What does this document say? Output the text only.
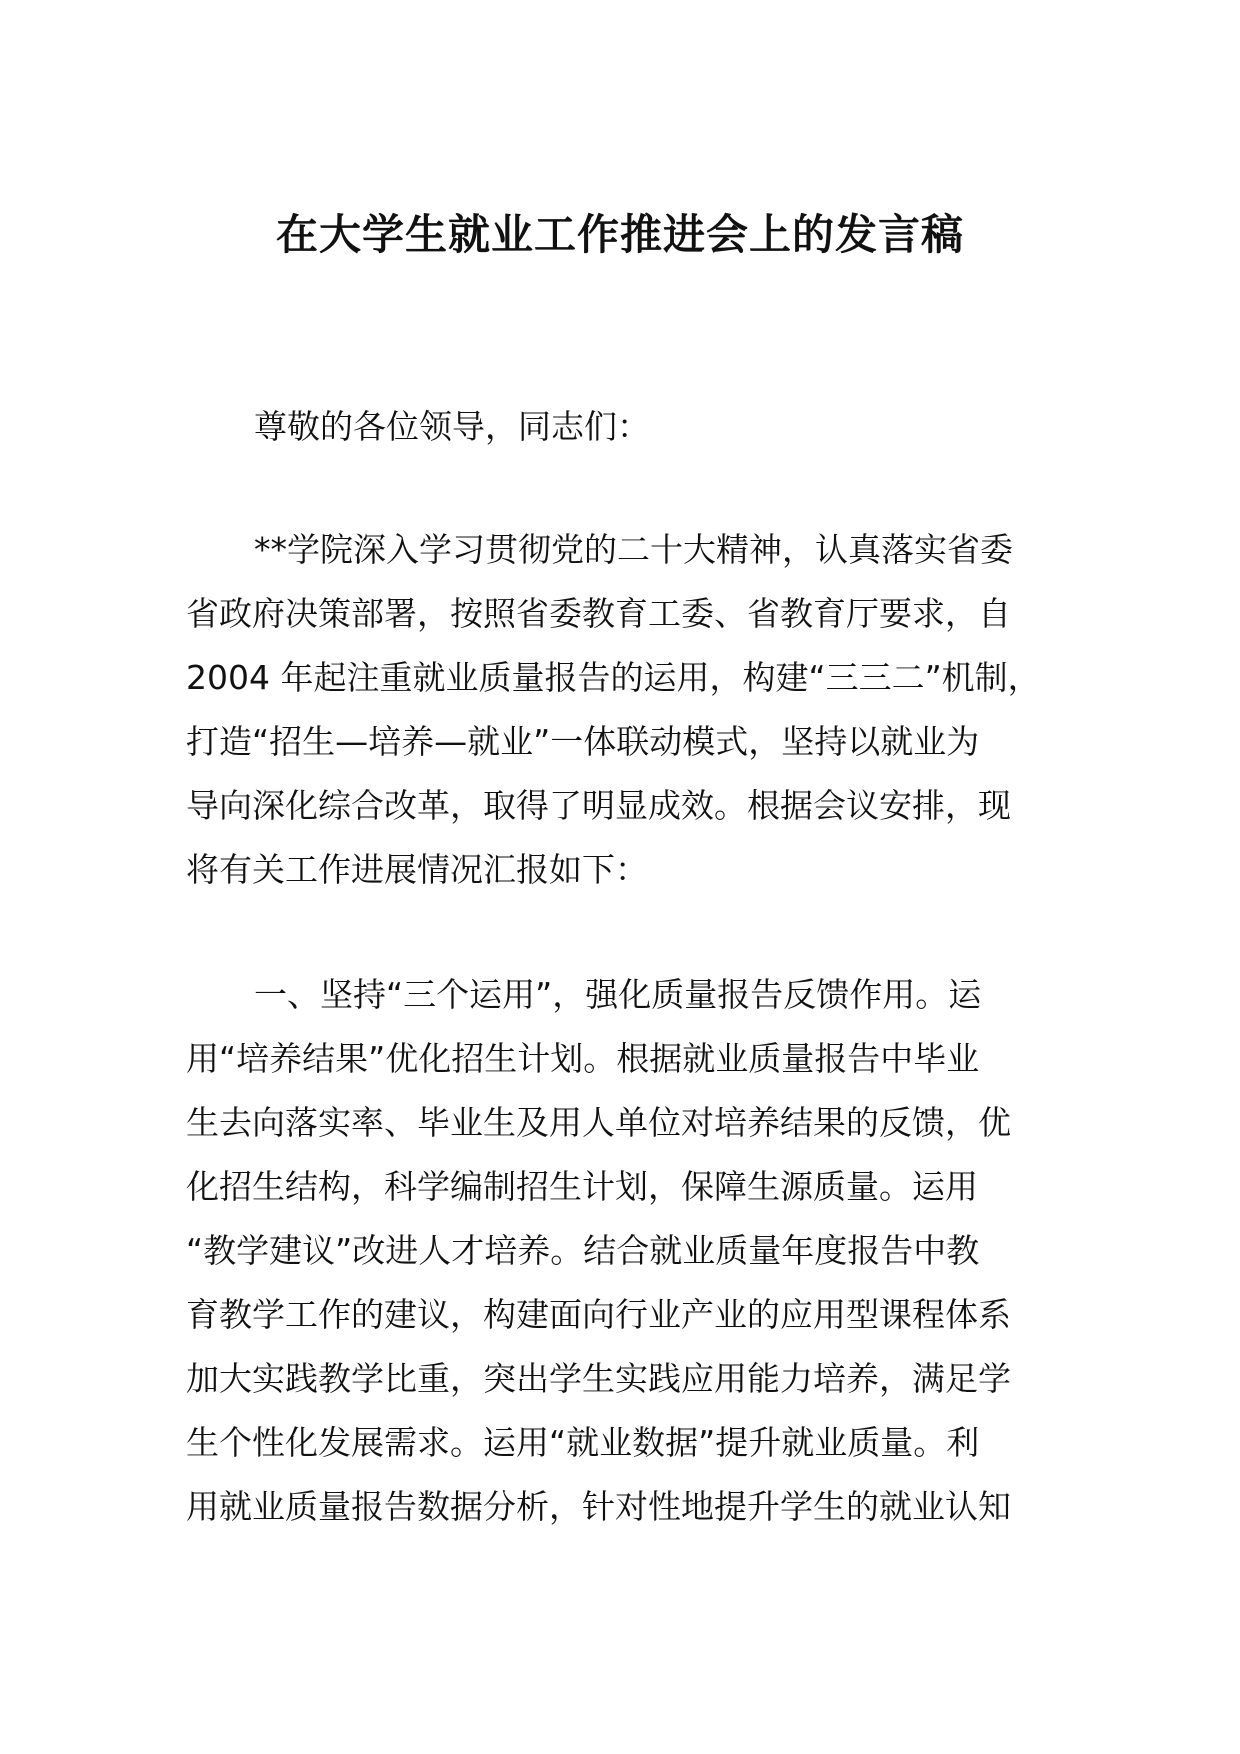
在大学生就业工作推进会上的发言稿

尊敬的各位领导，同志们：

**学院深入学习贯彻党的二十大精神，认真落实省委
省政府决策部署，按照省委教育工委、省教育厅要求，自
2004 年起注重就业质量报告的运用，构建“三三二”机制，
打造“招生—培养—就业”一体联动模式，坚持以就业为
导向深化综合改革，取得了明显成效。根据会议安排，现
将有关工作进展情况汇报如下：
一、坚持“三个运用”，强化质量报告反馈作用。运
用“培养结果”优化招生计划。根据就业质量报告中毕业
生去向落实率、毕业生及用人单位对培养结果的反馈，优
化招生结构，科学编制招生计划，保障生源质量。运用
“教学建议”改进人才培养。结合就业质量年度报告中教
育教学工作的建议，构建面向行业产业的应用型课程体系
加大实践教学比重，突出学生实践应用能力培养，满足学
生个性化发展需求。运用“就业数据”提升就业质量。利
用就业质量报告数据分析，针对性地提升学生的就业认知
